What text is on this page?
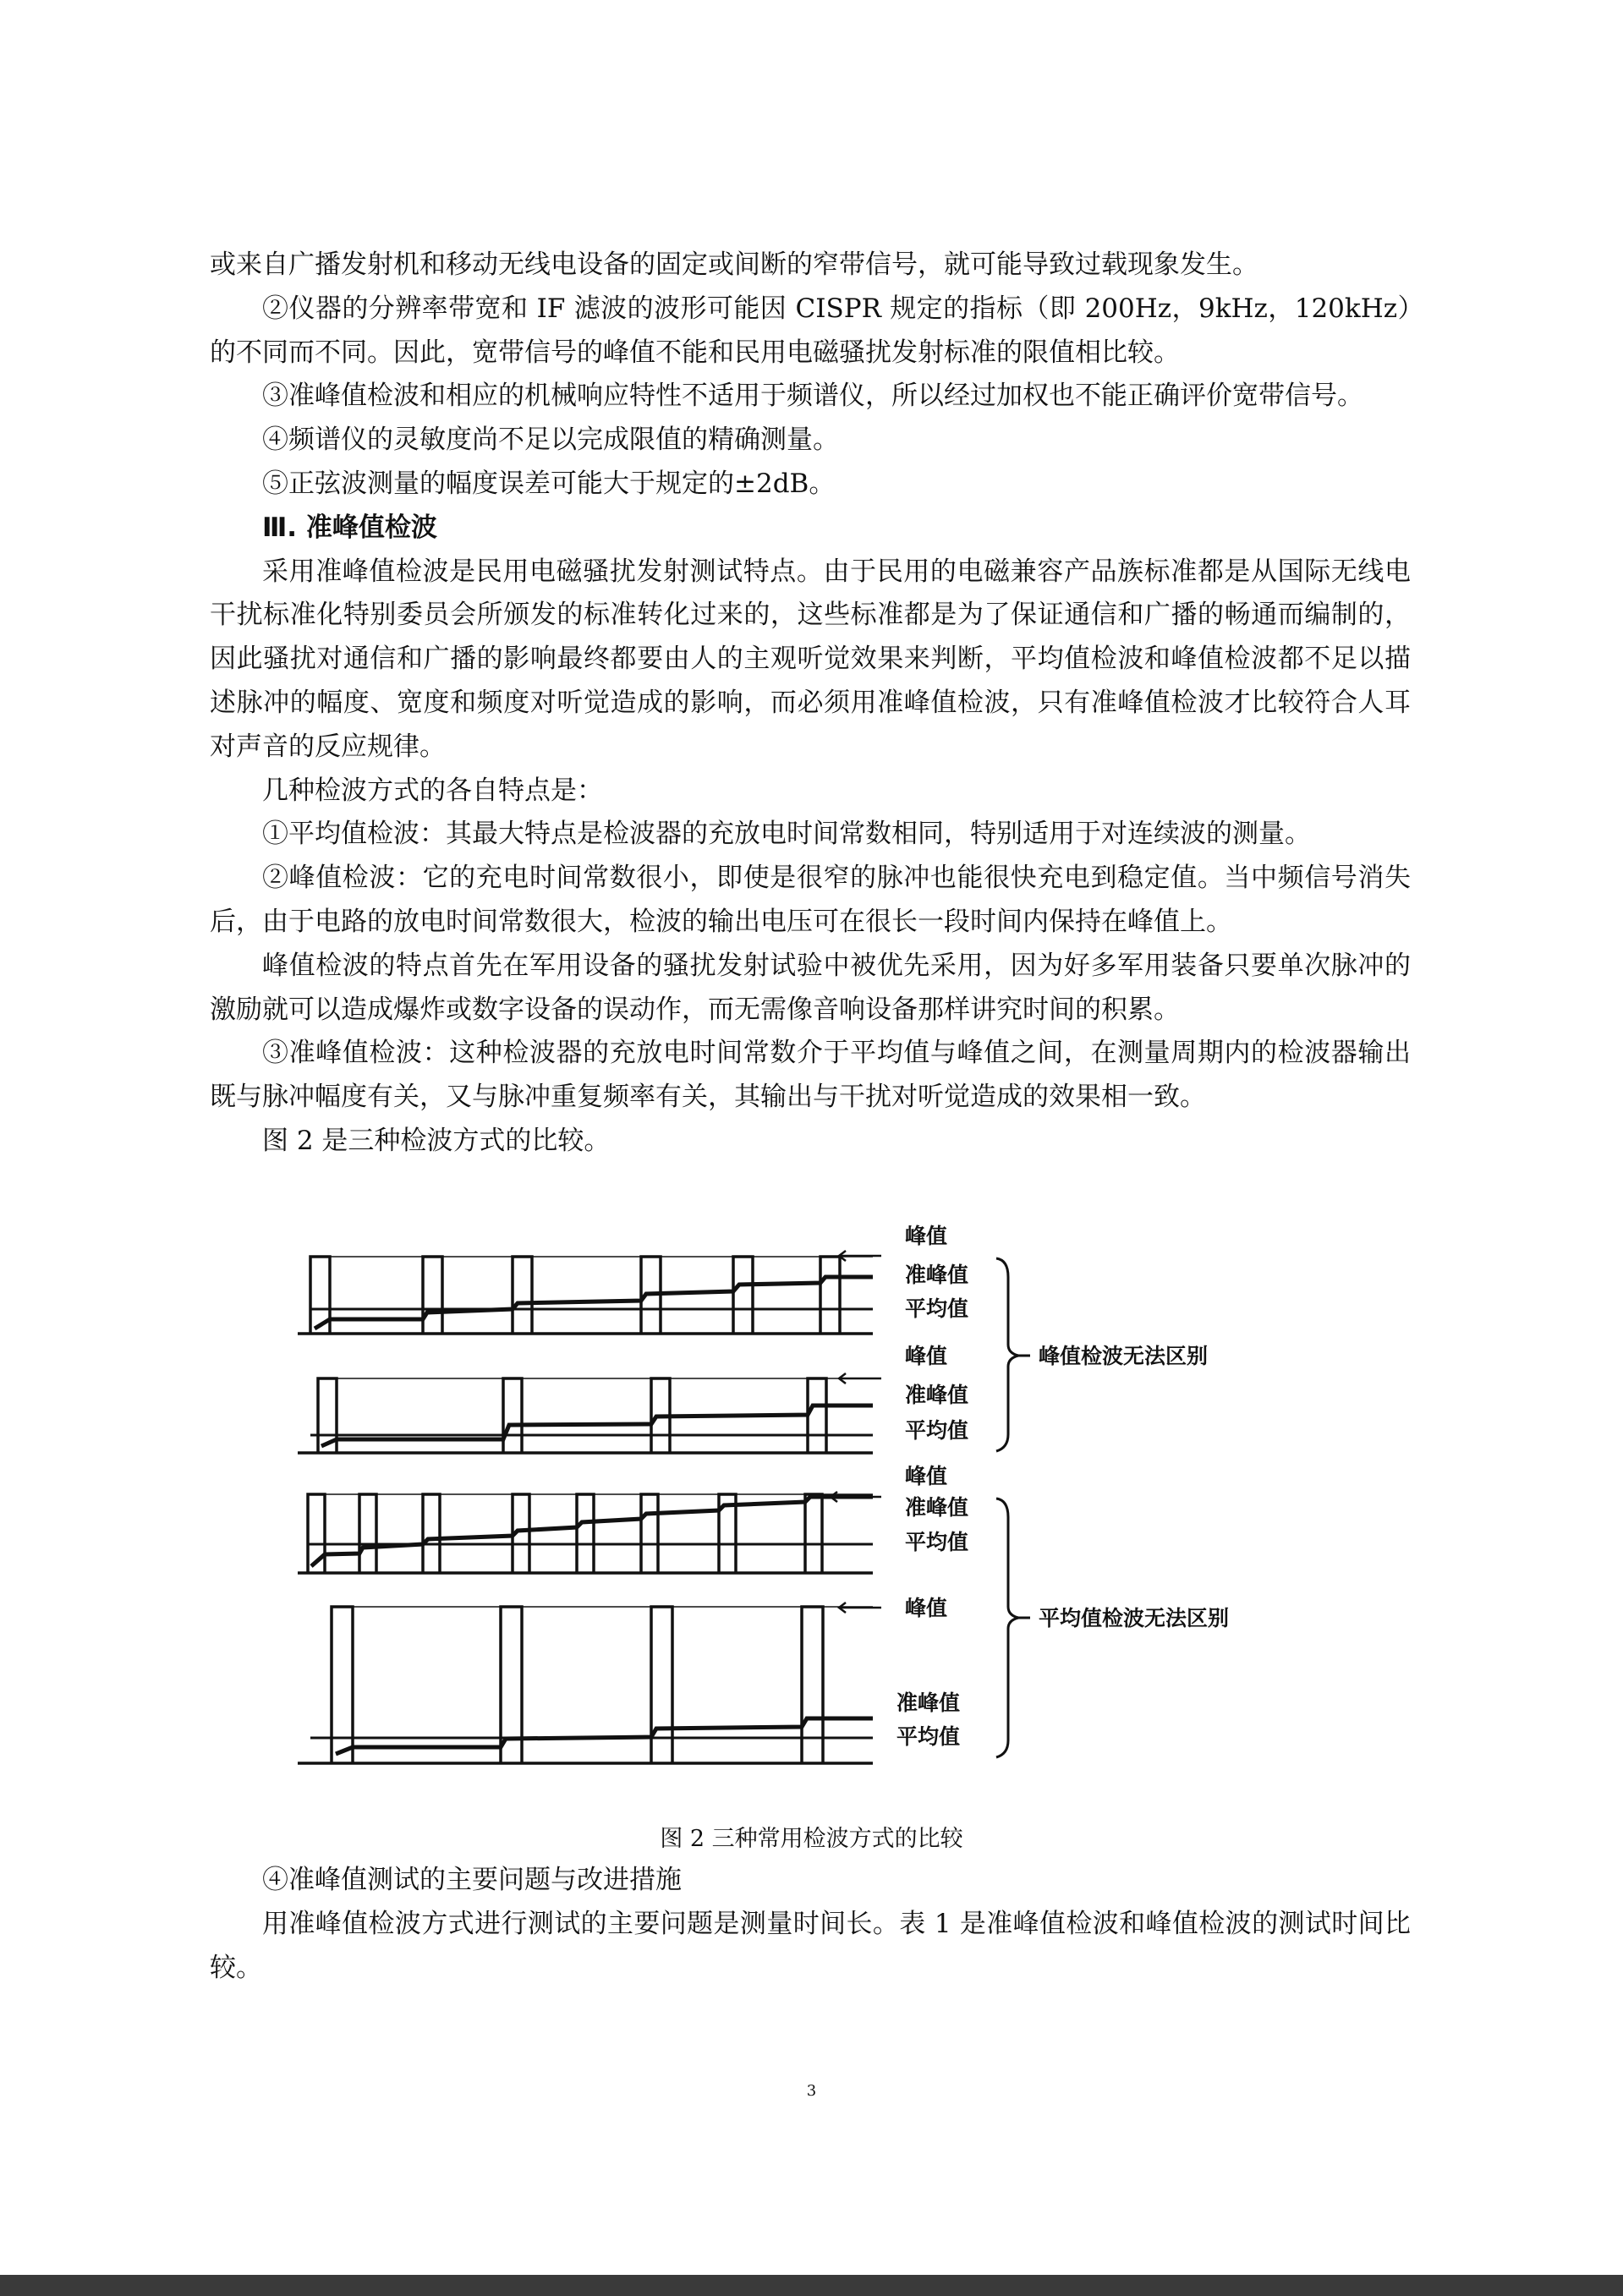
或来自广播发射机和移动无线电设备的固定或间断的窄带信号，就可能导致过载现象发生。

②仪器的分辨率带宽和 IF 滤波的波形可能因 CISPR 规定的指标（即 200Hz，9kHz，120kHz）的不同而不同。因此，宽带信号的峰值不能和民用电磁骚扰发射标准的限值相比较。

③准峰值检波和相应的机械响应特性不适用于频谱仪，所以经过加权也不能正确评价宽带信号。

④频谱仪的灵敏度尚不足以完成限值的精确测量。

⑤正弦波测量的幅度误差可能大于规定的±2dB。

Ⅲ. 准峰值检波

采用准峰值检波是民用电磁骚扰发射测试特点。由于民用的电磁兼容产品族标准都是从国际无线电干扰标准化特别委员会所颁发的标准转化过来的，这些标准都是为了保证通信和广播的畅通而编制的，因此骚扰对通信和广播的影响最终都要由人的主观听觉效果来判断，平均值检波和峰值检波都不足以描述脉冲的幅度、宽度和频度对听觉造成的影响，而必须用准峰值检波，只有准峰值检波才比较符合人耳对声音的反应规律。

几种检波方式的各自特点是：

①平均值检波：其最大特点是检波器的充放电时间常数相同，特别适用于对连续波的测量。

②峰值检波：它的充电时间常数很小，即使是很窄的脉冲也能很快充电到稳定值。当中频信号消失后，由于电路的放电时间常数很大，检波的输出电压可在很长一段时间内保持在峰值上。

峰值检波的特点首先在军用设备的骚扰发射试验中被优先采用，因为好多军用装备只要单次脉冲的激励就可以造成爆炸或数字设备的误动作，而无需像音响设备那样讲究时间的积累。

③准峰值检波：这种检波器的充放电时间常数介于平均值与峰值之间，在测量周期内的检波器输出既与脉冲幅度有关，又与脉冲重复频率有关，其输出与干扰对听觉造成的效果相一致。

图 2 是三种检波方式的比较。

峰值
准峰值
平均值
峰值
准峰值
平均值
峰值
准峰值
平均值
峰值
准峰值
平均值
峰值检波无法区别
平均值检波无法区别
图 2 三种常用检波方式的比较

④准峰值测试的主要问题与改进措施

用准峰值检波方式进行测试的主要问题是测量时间长。表 1 是准峰值检波和峰值检波的测试时间比较。

3
